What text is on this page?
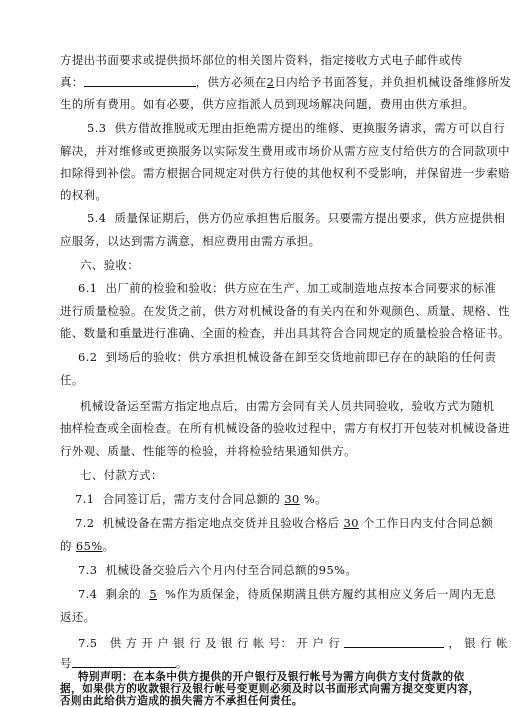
方提出书面要求或提供损坏部位的相关图片资料，指定接收方式电子邮件或传
真：	，供方必须在2日内给予书面答复，并负担机械设备维修所发
生的所有费用。如有必要，供方应指派人员到现场解决问题，费用由供方承担。
5.3 供方借故推脱或无理由拒绝需方提出的维修、更换服务请求，需方可以自行
解决，并对维修或更换服务以实际发生费用或市场价从需方应支付给供方的合同款项中
扣除得到补偿。需方根据合同规定对供方行使的其他权利不受影响，并保留进一步索赔
的权利。
5.4 质量保证期后，供方仍应承担售后服务。只要需方提出要求，供方应提供相
应服务，以达到需方满意，相应费用由需方承担。
六、验收：
6.1 出厂前的检验和验收：供方应在生产、加工或制造地点按本合同要求的标准
进行质量检验。在发货之前，供方对机械设备的有关内在和外观颜色、质量、规格、性
能、数量和重量进行准确、全面的检查，并出具其符合合同规定的质量检验合格证书。
6.2 到场后的验收：供方承担机械设备在卸至交货地前即已存在的缺陷的任何责
任。
机械设备运至需方指定地点后，由需方会同有关人员共同验收，验收方式为随机
抽样检查或全面检查。在所有机械设备的验收过程中，需方有权打开包装对机械设备进
行外观、质量、性能等的检验，并将检验结果通知供方。
七、付款方式：
7.1 合同签订后，需方支付合同总额的 30 %。
7.2 机械设备在需方指定地点交货并且验收合格后 30 个工作日内支付合同总额
的 65%。
7.3 机械设备交验后六个月内付至合同总额的95%。
7.4 剩余的 5 %作为质保金，待质保期满且供方履约其相应义务后一周内无息
返还。
7.5 供 方 开 户 银 行 及 银 行 帐 号： 开 户 行	， 银 行 帐
号	。
特别声明：在本条中供方提供的开户银行及银行帐号为需方向供方支付货款的依
据，如果供方的收款银行及银行帐号变更则必须及时以书面形式向需方提交变更内容，
否则由此给供方造成的损失需方不承担任何责任。
